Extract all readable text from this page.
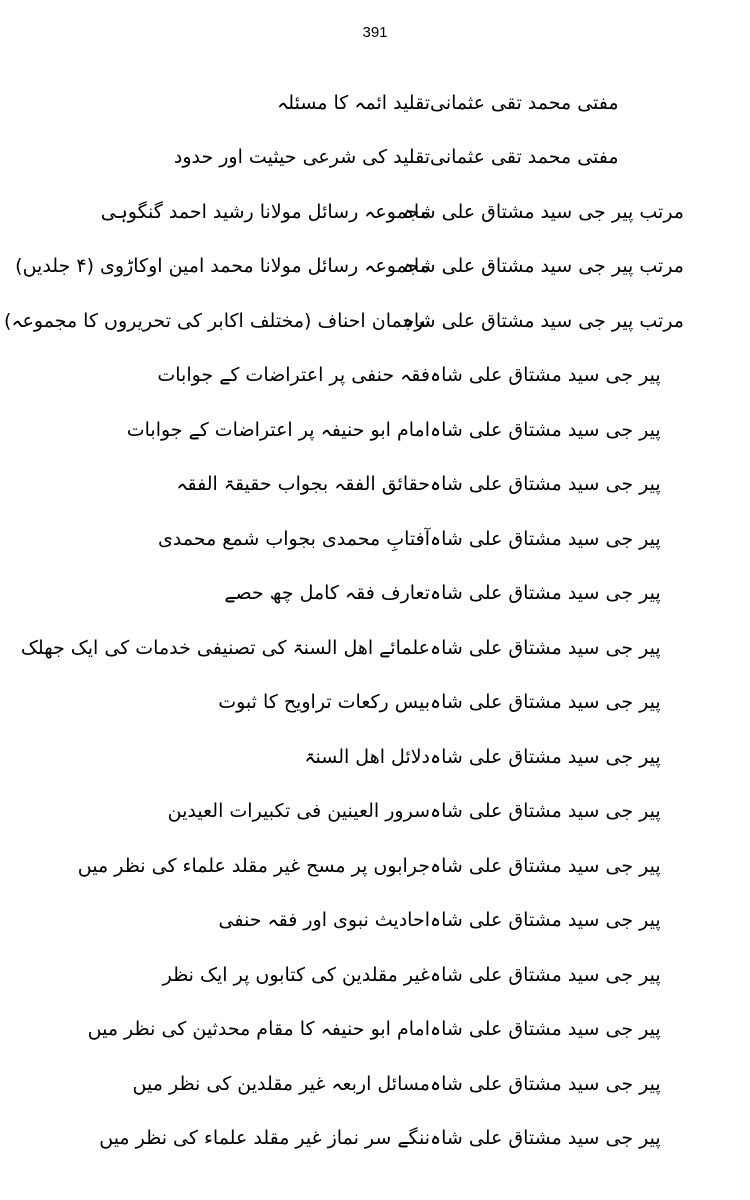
391
تقلید ائمہ کا مسئلہ مفتی محمد تقی عثمانی
تقلید کی شرعی حیثیت اور حدود مفتی محمد تقی عثمانی
مجموعہ رسائل مولانا رشید احمد گنگوہی
مرتب پیر جی سید مشتاق علی شاہ
مجموعہ رسائل مولانا محمد امین اوکاڑوی (۴ جلدیں)
مرتب پیر جی سید مشتاق علی شاہ
ترجمان احناف (مختلف اکابر کی تحریروں کا مجموعہ)
مرتب پیر جی سید مشتاق علی شاہ
فقہ حنفی پر اعتراضات کے جوابات پیر جی سید مشتاق علی شاہ
امام ابو حنیفہ پر اعتراضات کے جوابات پیر جی سید مشتاق علی شاہ
حقائق الفقہ بجواب حقیقۃ الفقہ پیر جی سید مشتاق علی شاہ
آفتابِ محمدی بجواب شمع محمدی پیر جی سید مشتاق علی شاہ
تعارف فقہ کامل چھ حصے پیر جی سید مشتاق علی شاہ
علمائے اھل السنۃ کی تصنیفی خدمات کی ایک جھلک پیر جی سید مشتاق علی شاہ
بیس رکعات تراویح کا ثبوت پیر جی سید مشتاق علی شاہ
دلائل اھل السنۃ پیر جی سید مشتاق علی شاہ
سرور العینین فی تکبیرات العیدین پیر جی سید مشتاق علی شاہ
جرابوں پر مسح غیر مقلد علماء کی نظر میں پیر جی سید مشتاق علی شاہ
احادیث نبوی اور فقہ حنفی پیر جی سید مشتاق علی شاہ
غیر مقلدین کی کتابوں پر ایک نظر پیر جی سید مشتاق علی شاہ
امام ابو حنیفہ کا مقام محدثین کی نظر میں پیر جی سید مشتاق علی شاہ
مسائل اربعہ غیر مقلدین کی نظر میں پیر جی سید مشتاق علی شاہ
ننگے سر نماز غیر مقلد علماء کی نظر میں پیر جی سید مشتاق علی شاہ
